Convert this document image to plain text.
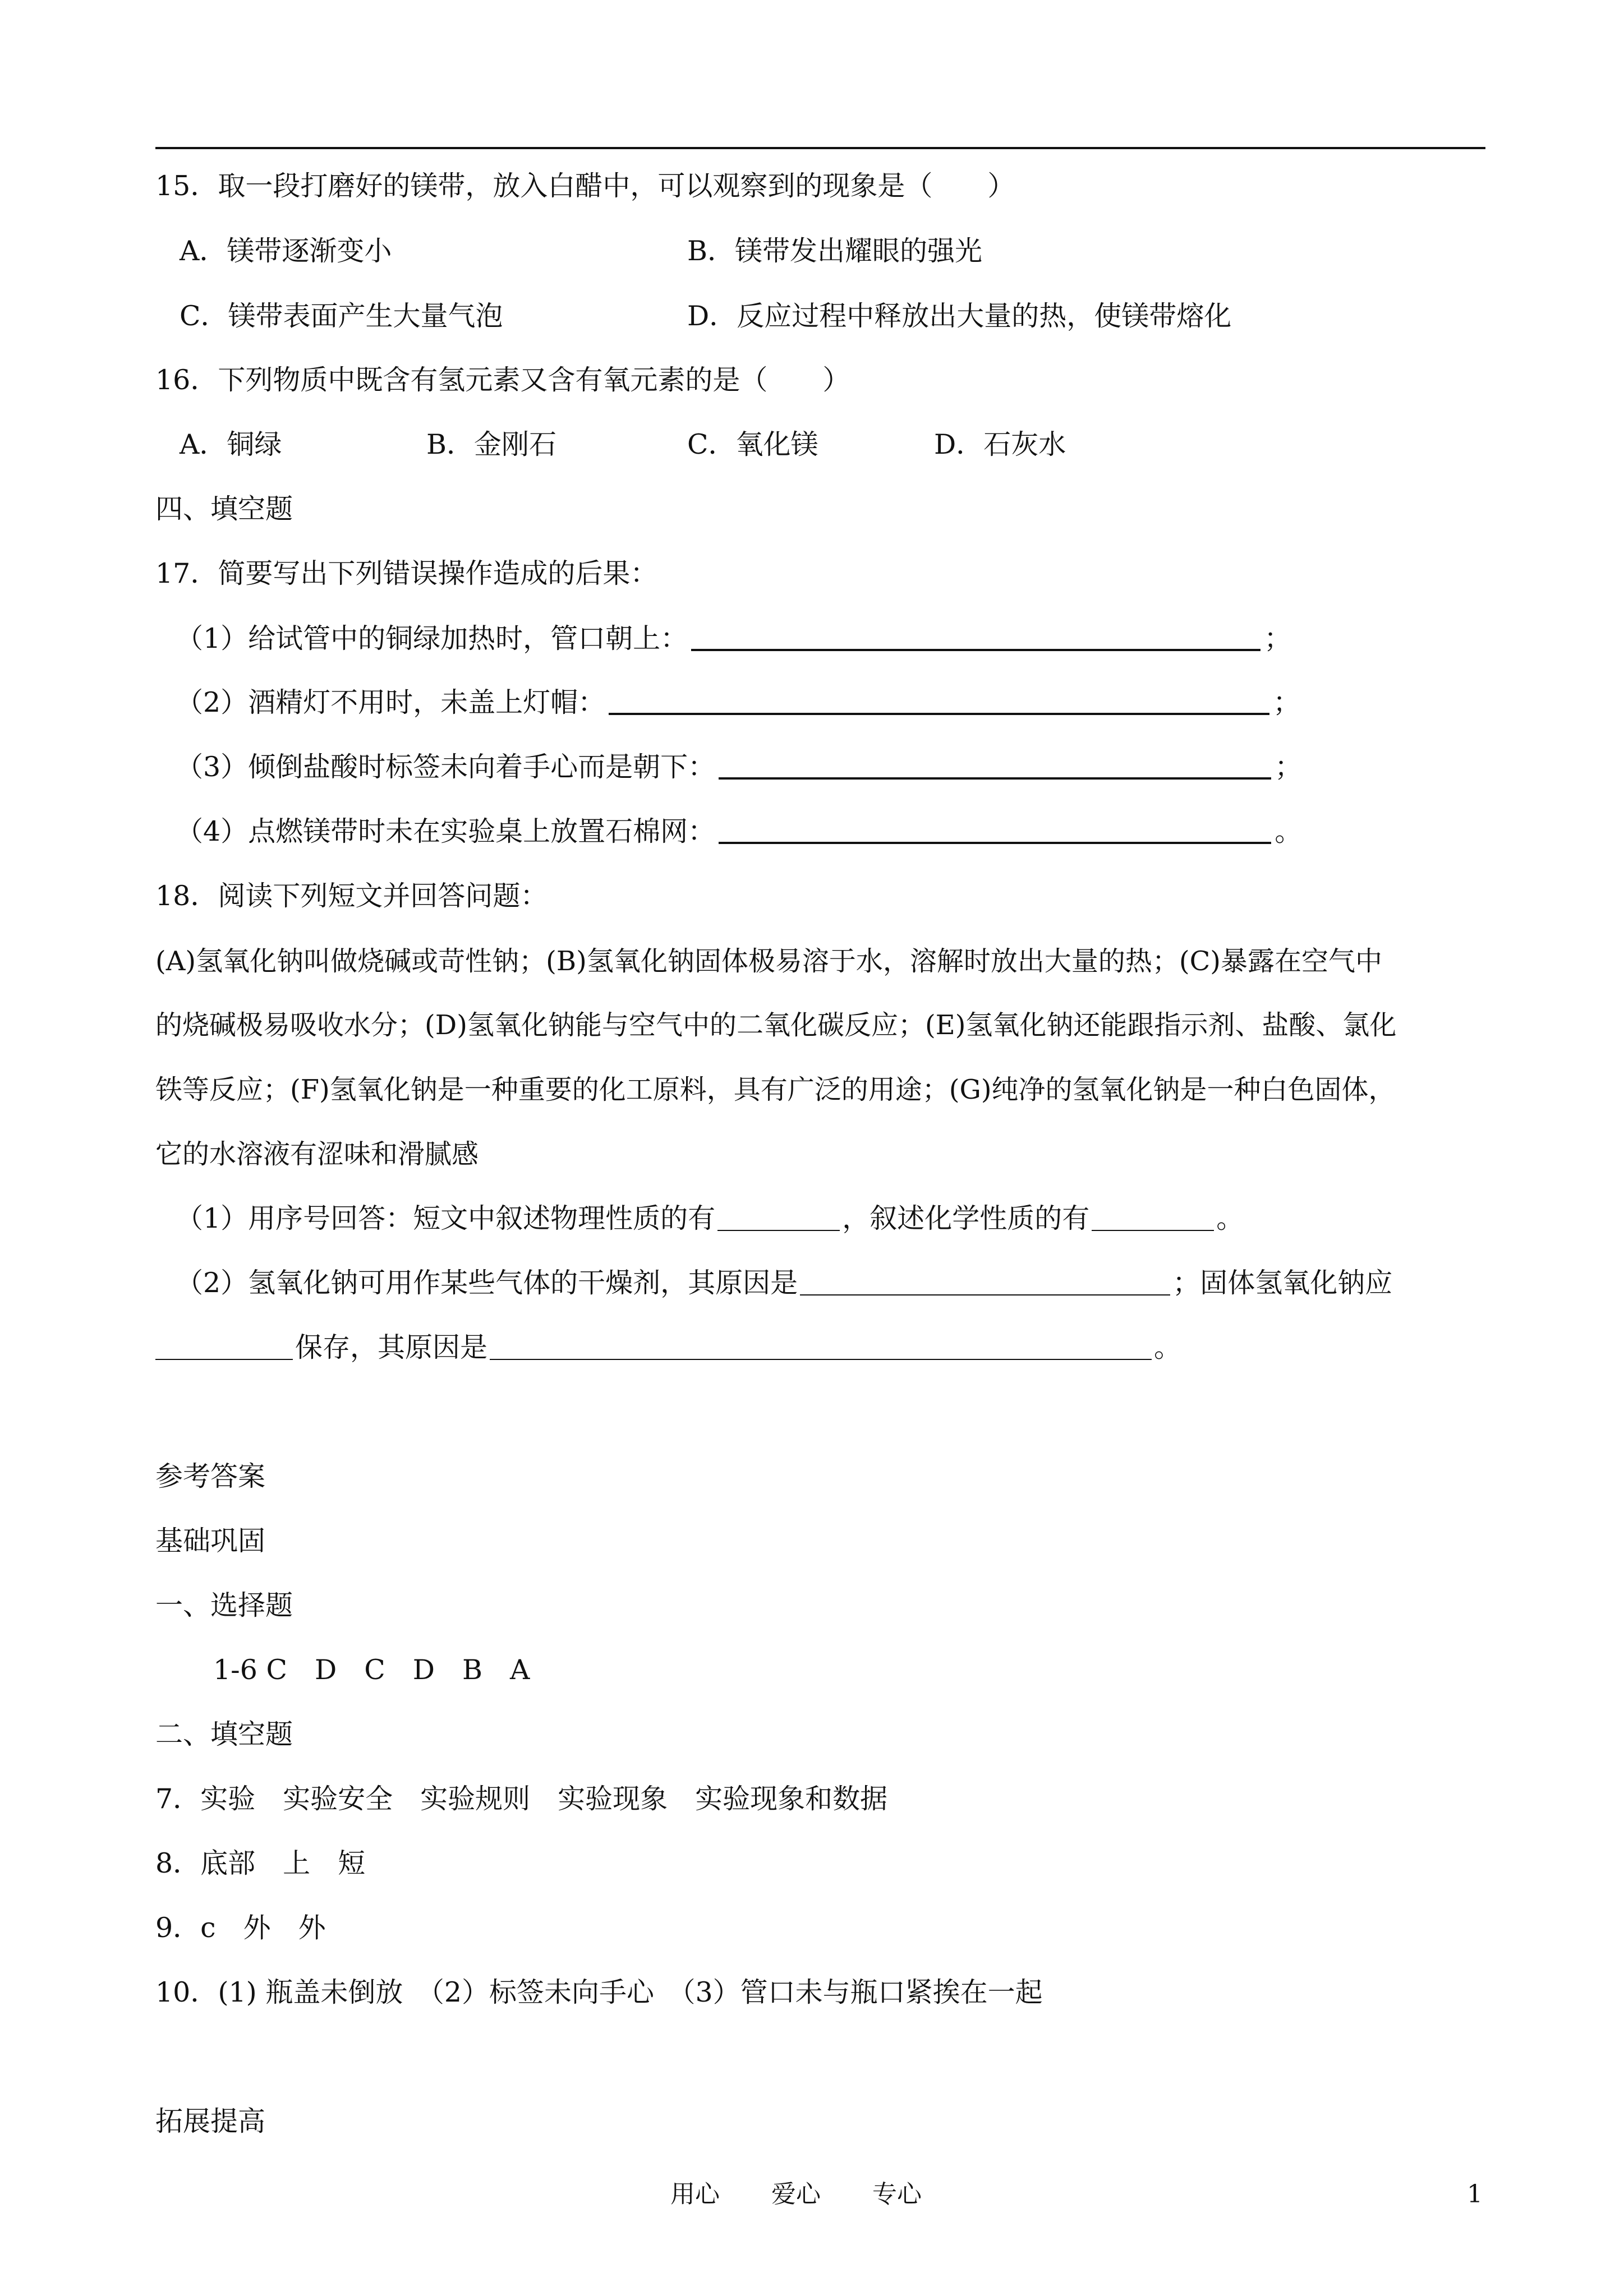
15．取一段打磨好的镁带，放入白醋中，可以观察到的现象是（　　）
A．镁带逐渐变小	B．镁带发出耀眼的强光
C．镁带表面产生大量气泡	D．反应过程中释放出大量的热，使镁带熔化
16．下列物质中既含有氢元素又含有氧元素的是（　　）
A．铜绿	B．金刚石	C．氧化镁	D．石灰水
四、填空题
17．简要写出下列错误操作造成的后果：
（1）给试管中的铜绿加热时，管口朝上：	；
（2）酒精灯不用时，未盖上灯帽：	；
（3）倾倒盐酸时标签未向着手心而是朝下：	；
（4）点燃镁带时未在实验桌上放置石棉网：	。
18．阅读下列短文并回答问题：
(A)氢氧化钠叫做烧碱或苛性钠；(B)氢氧化钠固体极易溶于水，溶解时放出大量的热；(C)暴露在空气中
的烧碱极易吸收水分；(D)氢氧化钠能与空气中的二氧化碳反应；(E)氢氧化钠还能跟指示剂、盐酸、氯化
铁等反应；(F)氢氧化钠是一种重要的化工原料，具有广泛的用途；(G)纯净的氢氧化钠是一种白色固体，
它的水溶液有涩味和滑腻感
（1）用序号回答：短文中叙述物理性质的有	，叙述化学性质的有	。
（2）氢氧化钠可用作某些气体的干燥剂，其原因是	；固体氢氧化钠应
保存，其原因是	。
参考答案
基础巩固
一、选择题
1-6 C　D　C　D　B　A
二、填空题
7．实验　实验安全　实验规则　实验现象　实验现象和数据
8．底部　上　短
9．c　外　外
10．(1) 瓶盖未倒放　（2）标签未向手心　（3）管口未与瓶口紧挨在一起
拓展提高
用心 爱心 专心	1
